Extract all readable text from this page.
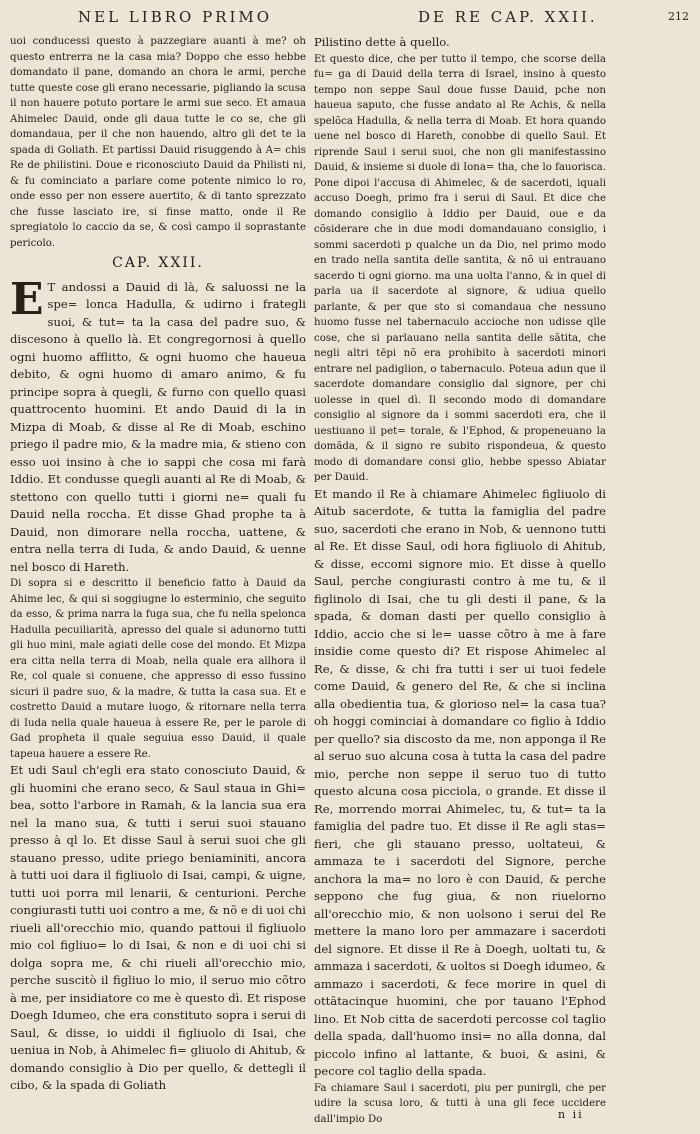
NEL LIBRO PRIMO	DE RE CAP. XXII.	212

uoi conducessi questo à pazzegiare auanti à me? oh questo entrerra ne la casa mia? Doppo che esso hebbe domandato il pane, domando an chora le armi, perche tutte queste cose gli erano necessarie, pigliando la scusa il non hauere potuto portare le armi sue seco. Et amaua Ahimelec Dauid, onde gli daua tutte le co se, che gli domandaua, per il che non hauendo, altro gli det te la spada di Goliath. Et partissi Dauid risuggendo à A= chis Re de philistini. Doue e riconosciuto Dauid da Philisti ni, & fu cominciato a parlare come potente nimico lo ro, onde esso per non essere auertito, & di tanto sprezzato che fusse lasciato ire, si finse matto, onde il Re spregiatolo lo caccio da se, & così campo il soprastante pericolo.

CAP. XXII.

E T andossi a Dauid di là, & saluossi ne la spe= lonca Hadulla, & udirno i frategli suoi, & tut= ta la casa del padre suo, & discesono à quello là. Et congregornosi à quello ogni huomo afflitto, & ogni huomo che haueua debito, & ogni huomo di amaro animo, & fu principe sopra à quegli, & furno con quello quasi quattrocento huomini. Et ando Dauid di la in Mizpa di Moab, & disse al Re di Moab, eschino priego il padre mio, & la madre mia, & stieno con esso uoi insino à che io sappi che cosa mi farà Iddio. Et condusse quegli auanti al Re di Moab, & stettono con quello tutti i giorni ne= quali fu Dauid nella roccha. Et disse Ghad prophe ta à Dauid, non dimorare nella roccha, uattene, & entra nella terra di Iuda, & ando Dauid, & uenne nel bosco di Hareth.

Di sopra si e descritto il beneficio fatto à Dauid da Ahime lec, & qui si soggiugne lo esterminio, che seguito da esso, & prima narra la fuga sua, che fu nella spelonca Hadulla pecuiliarità, apresso del quale si adunorno tutti gli huo mini, male agiati delle cose del mondo. Et Mizpa era citta nella terra di Moab, nella quale era allhora il Re, col quale si conuene, che appresso di esso fussino sicuri il padre suo, & la madre, & tutta la casa sua. Et e costretto Dauid a mutare luogo, & ritornare nella terra di Iuda nella quale haueua à essere Re, per le parole di Gad propheta il quale seguiua esso Dauid, il quale tapeua hauere a essere Re.

Et udi Saul ch'egli era stato conosciuto Dauid, & gli huomini che erano seco, & Saul staua in Ghi= bea, sotto l'arbore in Ramah, & la lancia sua era nel la mano sua, & tutti i serui suoi stauano presso à ql lo. Et disse Saul à serui suoi che gli stauano presso, udite priego beniaminiti, ancora à tutti uoi dara il figliuolo di Isai, campi, & uigne, tutti uoi porra mil lenarii, & centurioni. Perche congiurasti tutti uoi contro a me, & nõ e di uoi chi riueli all'orecchio mio, quando pattoui il figliuolo mio col figliuo= lo di Isai, & non e di uoi chi si dolga sopra me, & chi riueli all'orecchio mio, perche suscitò il figliuo lo mio, il seruo mio cõtro à me, per insidiatore co me è questo dì. Et rispose Doegh Idumeo, che era constituto sopra i serui di Saul, & disse, io uiddi il figliuolo di Isai, che ueniua in Nob, à Ahimelec fi= gliuolo di Ahitub, & domando consiglio à Dio per quello, & dettegli il cibo, & la spada di Goliath

Pilistino dette à quello.

Et questo dice, che per tutto il tempo, che scorse della fu= ga di Dauid della terra di Israel, insino à questo tempo non seppe Saul doue fusse Dauid, pche non haueua saputo, che fusse andato al Re Achis, & nella spelõca Hadulla, & nella terra di Moab. Et hora quando uene nel bosco di Hareth, conobbe di quello Saul. Et riprende Saul i serui suoi, che non gli manifestassino Dauid, & insieme si duole di Iona= tha, che lo fauorisca. Pone dipoi l'accusa di Ahimelec, & de sacerdoti, iquali accuso Doegh, primo fra i serui di Saul. Et dice che domando consiglio à Iddio per Dauid, oue e da cõsiderare che in due modi domandauano consiglio, i sommi sacerdoti p qualche un da Dio, nel primo modo en trado nella santita delle santita, & nõ ui entrauano sacerdo ti ogni giorno. ma una uolta l'anno, & in quel di parla ua il sacerdote al signore, & udiua quello parlante, & per que sto si comandaua che nessuno huomo fusse nel tabernaculo accioche non udisse qlle cose, che si parlauano nella santita delle sãtita, che negli altri tēpi nõ era prohibito à sacerdoti minori entrare nel padiglion, o tabernaculo. Poteua adun que il sacerdote domandare consiglio dal signore, per chi uolesse in quel dì. Il secondo modo di domandare consiglio al signore da i sommi sacerdoti era, che il uestiuano il pet= torale, & l'Ephod, & propeneuano la domãda, & il signo re subito rispondeua, & questo modo di domandare consi glio, hebbe spesso Abiatar per Dauid.

Et mando il Re à chiamare Ahimelec figliuolo di Aitub sacerdote, & tutta la famiglia del padre suo, sacerdoti che erano in Nob, & uennono tutti al Re. Et disse Saul, odi hora figliuolo di Ahitub, & disse, eccomi signore mio. Et disse à quello Saul, perche congiurasti contro à me tu, & il figlinolo di Isai, che tu gli desti il pane, & la spada, & doman dasti per quello consiglio à Iddio, accio che si le= uasse cõtro à me à fare insidie come questo di? Et rispose Ahimelec al Re, & disse, & chi fra tutti i ser ui tuoi fedele come Dauid, & genero del Re, & che si inclina alla obedientia tua, & glorioso nel= la casa tua? oh hoggi cominciai à domandare co figlio à Iddio per quello? sia discosto da me, non apponga il Re al seruo suo alcuna cosa à tutta la casa del padre mio, perche non seppe il seruo tuo di tutto questo alcuna cosa picciola, o grande. Et disse il Re, morrendo morrai Ahimelec, tu, & tut= ta la famiglia del padre tuo. Et disse il Re agli stas= fieri, che gli stauano presso, uoltateui, & ammaza te i sacerdoti del Signore, perche anchora la ma= no loro è con Dauid, & perche seppono che fug giua, & non riuelorno all'orecchio mio, & non uolsono i serui del Re mettere la mano loro per ammazare i sacerdoti del signore. Et disse il Re à Doegh, uoltati tu, & ammaza i sacerdoti, & uoltos si Doegh idumeo, & ammazo i sacerdoti, & fece morire in quel di ottātacinque huomini, che por tauano l'Ephod lino. Et Nob citta de sacerdoti percosse col taglio della spada, dall'huomo insi= no alla donna, dal piccolo infino al lattante, & buoi, & asini, & pecore col taglio della spada.

Fa chiamare Saul i sacerdoti, piu per punirgli, che per udire la scusa loro, & tutti à una gli fece uccidere dall'impio Do	n ii
